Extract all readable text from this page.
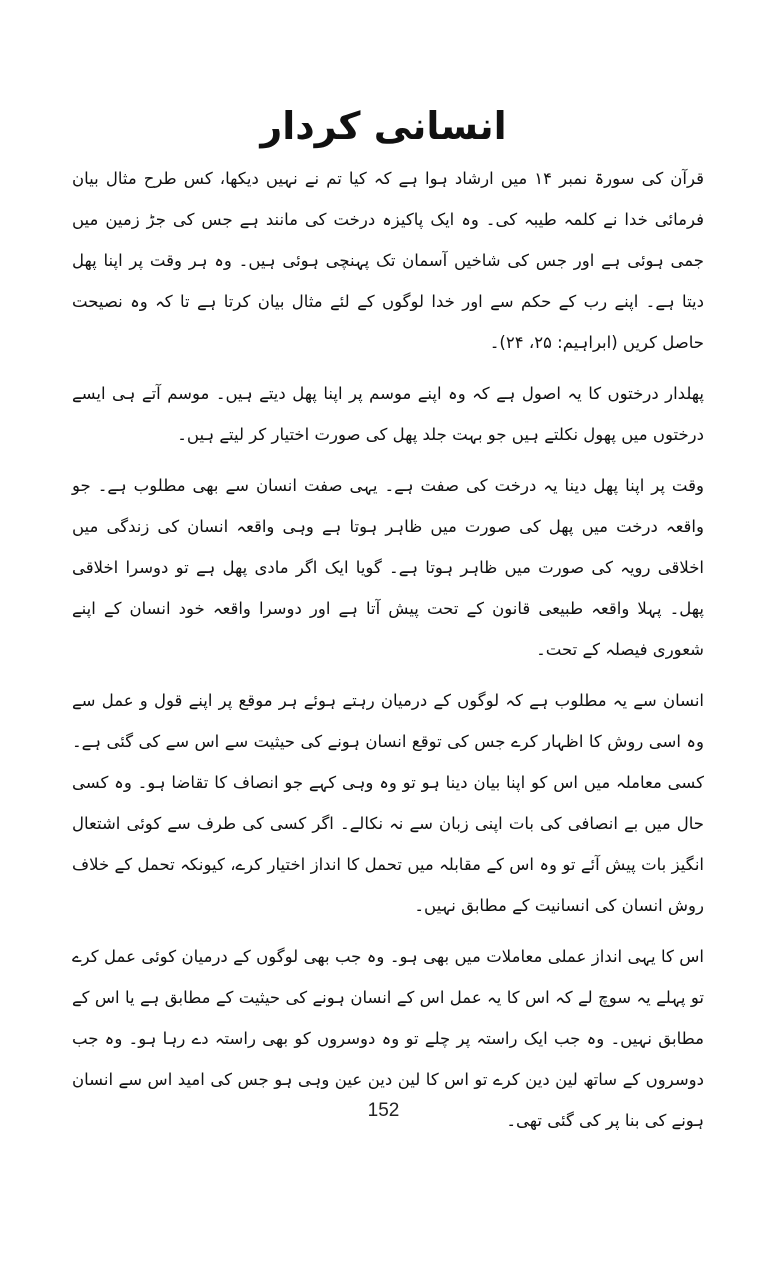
انسانی کردار

قرآن کی سورۃ نمبر ۱۴ میں ارشاد ہوا ہے کہ کیا تم نے نہیں دیکھا، کس طرح مثال بیان فرمائی خدا نے کلمہ طیبہ کی۔ وہ ایک پاکیزہ درخت کی مانند ہے جس کی جڑ زمین میں جمی ہوئی ہے اور جس کی شاخیں آسمان تک پہنچی ہوئی ہیں۔ وہ ہر وقت پر اپنا پھل دیتا ہے۔ اپنے رب کے حکم سے اور خدا لوگوں کے لئے مثال بیان کرتا ہے تا کہ وہ نصیحت حاصل کریں (ابراہیم: ۲۵، ۲۴)۔

پھلدار درختوں کا یہ اصول ہے کہ وہ اپنے موسم پر اپنا پھل دیتے ہیں۔ موسم آتے ہی ایسے درختوں میں پھول نکلتے ہیں جو بہت جلد پھل کی صورت اختیار کر لیتے ہیں۔

وقت پر اپنا پھل دینا یہ درخت کی صفت ہے۔ یہی صفت انسان سے بھی مطلوب ہے۔ جو واقعہ درخت میں پھل کی صورت میں ظاہر ہوتا ہے وہی واقعہ انسان کی زندگی میں اخلاقی رویہ کی صورت میں ظاہر ہوتا ہے۔ گویا ایک اگر مادی پھل ہے تو دوسرا اخلاقی پھل۔ پہلا واقعہ طبیعی قانون کے تحت پیش آتا ہے اور دوسرا واقعہ خود انسان کے اپنے شعوری فیصلہ کے تحت۔

انسان سے یہ مطلوب ہے کہ لوگوں کے درمیان رہتے ہوئے ہر موقع پر اپنے قول و عمل سے وہ اسی روش کا اظہار کرے جس کی توقع انسان ہونے کی حیثیت سے اس سے کی گئی ہے۔ کسی معاملہ میں اس کو اپنا بیان دینا ہو تو وہ وہی کہے جو انصاف کا تقاضا ہو۔ وہ کسی حال میں بے انصافی کی بات اپنی زبان سے نہ نکالے۔ اگر کسی کی طرف سے کوئی اشتعال انگیز بات پیش آئے تو وہ اس کے مقابلہ میں تحمل کا انداز اختیار کرے، کیونکہ تحمل کے خلاف روش انسان کی انسانیت کے مطابق نہیں۔

اس کا یہی انداز عملی معاملات میں بھی ہو۔ وہ جب بھی لوگوں کے درمیان کوئی عمل کرے تو پہلے یہ سوچ لے کہ اس کا یہ عمل اس کے انسان ہونے کی حیثیت کے مطابق ہے یا اس کے مطابق نہیں۔ وہ جب ایک راستہ پر چلے تو وہ دوسروں کو بھی راستہ دے رہا ہو۔ وہ جب دوسروں کے ساتھ لین دین کرے تو اس کا لین دین عین وہی ہو جس کی امید اس سے انسان ہونے کی بنا پر کی گئی تھی۔

152
